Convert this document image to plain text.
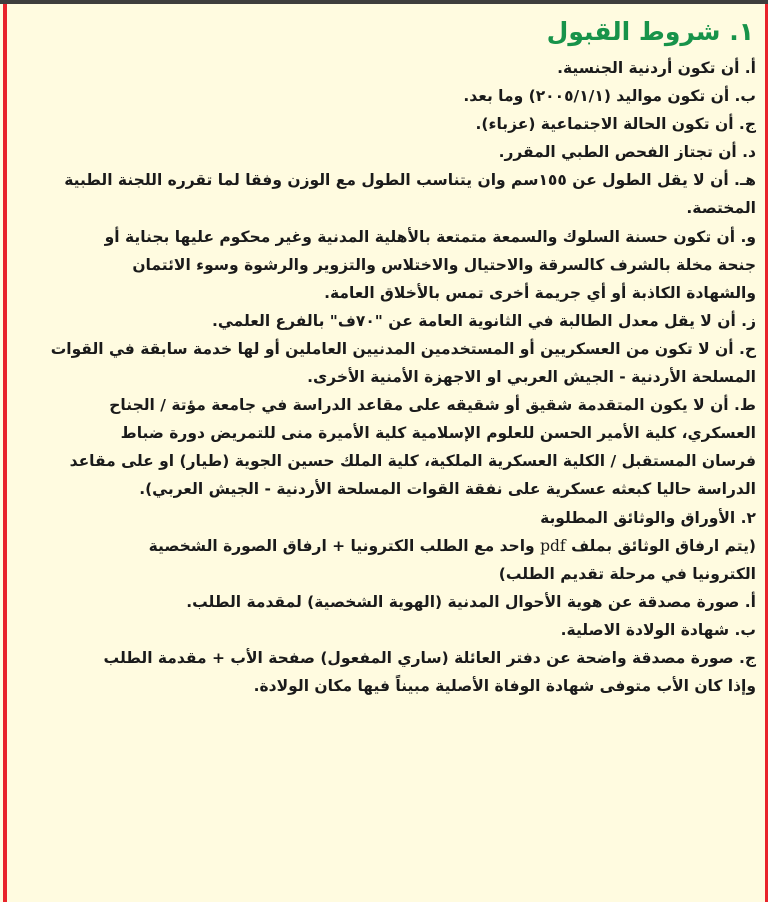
١. شروط القبول
أ. أن تكون أردنية الجنسية.
ب. أن تكون مواليد (٢٠٠٥/١/١) وما بعد.
ج. أن تكون الحالة الاجتماعية (عزباء).
د. أن تجتاز الفحص الطبي المقرر.
هـ. أن لا يقل الطول عن ١٥٥سم وان يتناسب الطول مع الوزن وفقا لما تقرره اللجنة الطبية
المختصة.
و. أن تكون حسنة السلوك والسمعة متمتعة بالأهلية المدنية وغير محكوم عليها بجناية أو
جنحة مخلة بالشرف كالسرقة والاحتيال والاختلاس والتزوير والرشوة وسوء الائتمان
والشهادة الكاذبة أو أي جريمة أخرى تمس بالأخلاق العامة.
ز. أن لا يقل معدل الطالبة في الثانوية العامة عن "٧٠ف" بالفرع العلمي.
ح. أن لا تكون من العسكريين أو المستخدمين المدنيين العاملين أو لها خدمة سابقة في القوات
المسلحة الأردنية - الجيش العربي او الاجهزة الأمنية الأخرى.
ط. أن لا يكون المتقدمة شقيق أو شقيقه على مقاعد الدراسة في جامعة مؤتة / الجناح
العسكري، كلية الأمير الحسن للعلوم الإسلامية كلية الأميرة منى للتمريض دورة ضباط
فرسان المستقبل / الكلية العسكرية الملكية، كلية الملك حسين الجوية (طيار) او على مقاعد
الدراسة حاليا كبعثه عسكرية على نفقة القوات المسلحة الأردنية - الجيش العربي).
٢. الأوراق والوثائق المطلوبة
(يتم ارفاق الوثائق بملف pdf واحد مع الطلب الكترونيا + ارفاق الصورة الشخصية
الكترونيا في مرحلة تقديم الطلب)
أ. صورة مصدقة عن هوية الأحوال المدنية (الهوية الشخصية) لمقدمة الطلب.
ب. شهادة الولادة الاصلية.
ج. صورة مصدقة واضحة عن دفتر العائلة (ساري المفعول) صفحة الأب + مقدمة الطلب
وإذا كان الأب متوفى شهادة الوفاة الأصلية مبيناً فيها مكان الولادة.
